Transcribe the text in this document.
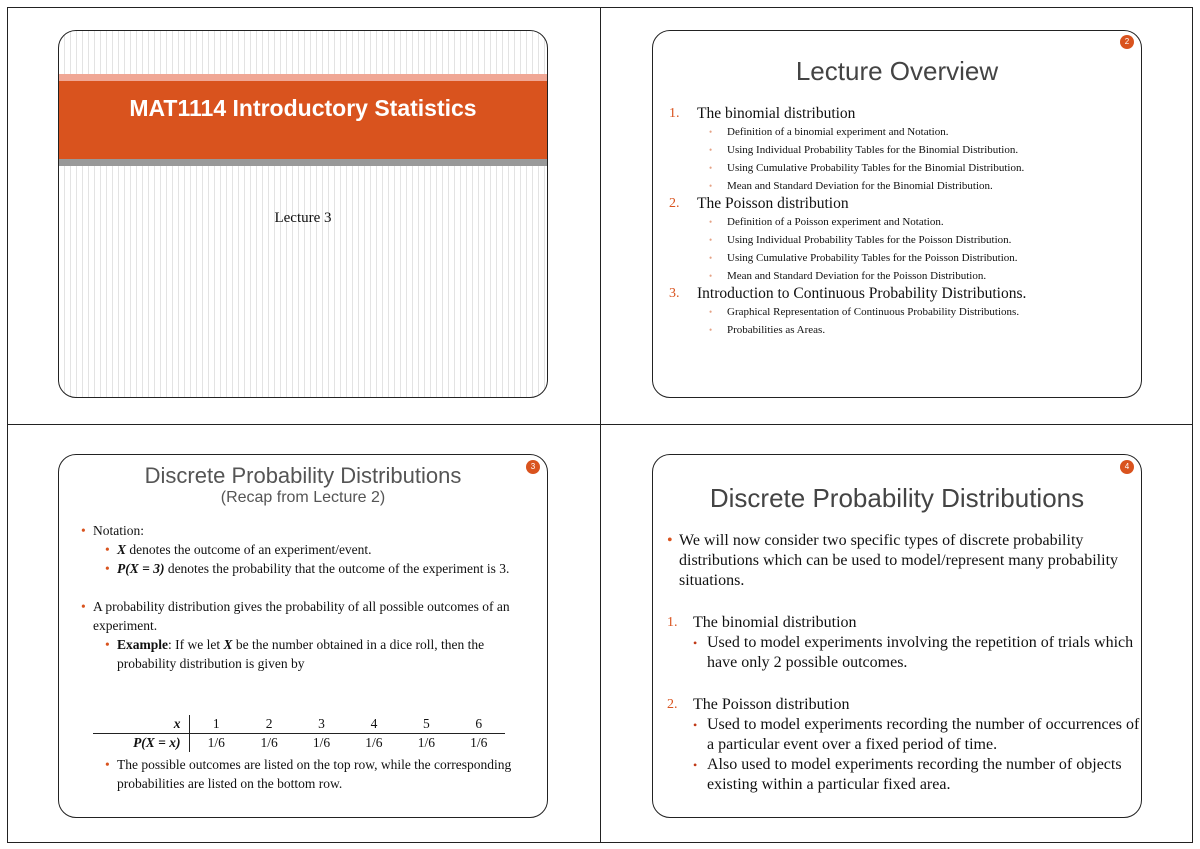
MAT1114 Introductory Statistics
Lecture 3
2
Lecture Overview
1. The binomial distribution
• Definition of a binomial experiment and Notation.
• Using Individual Probability Tables for the Binomial Distribution.
• Using Cumulative Probability Tables for the Binomial Distribution.
• Mean and Standard Deviation for the Binomial Distribution.
2. The Poisson distribution
• Definition of a Poisson experiment and Notation.
• Using Individual Probability Tables for the Poisson Distribution.
• Using Cumulative Probability Tables for the Poisson Distribution.
• Mean and Standard Deviation for the Poisson Distribution.
3. Introduction to Continuous Probability Distributions.
• Graphical Representation of Continuous Probability Distributions.
• Probabilities as Areas.
3
Discrete Probability Distributions
(Recap from Lecture 2)
• Notation:
• X denotes the outcome of an experiment/event.
• P(X = 3) denotes the probability that the outcome of the experiment is 3.
• A probability distribution gives the probability of all possible outcomes of an experiment.
• Example: If we let X be the number obtained in a dice roll, then the probability distribution is given by
x	1	2	3	4	5	6
P(X = x)	1/6	1/6	1/6	1/6	1/6	1/6
• The possible outcomes are listed on the top row, while the corresponding probabilities are listed on the bottom row.
4
Discrete Probability Distributions
• We will now consider two specific types of discrete probability distributions which can be used to model/represent many probability situations.
1. The binomial distribution
• Used to model experiments involving the repetition of trials which have only 2 possible outcomes.
2. The Poisson distribution
• Used to model experiments recording the number of occurrences of a particular event over a fixed period of time.
• Also used to model experiments recording the number of objects existing within a particular fixed area.
